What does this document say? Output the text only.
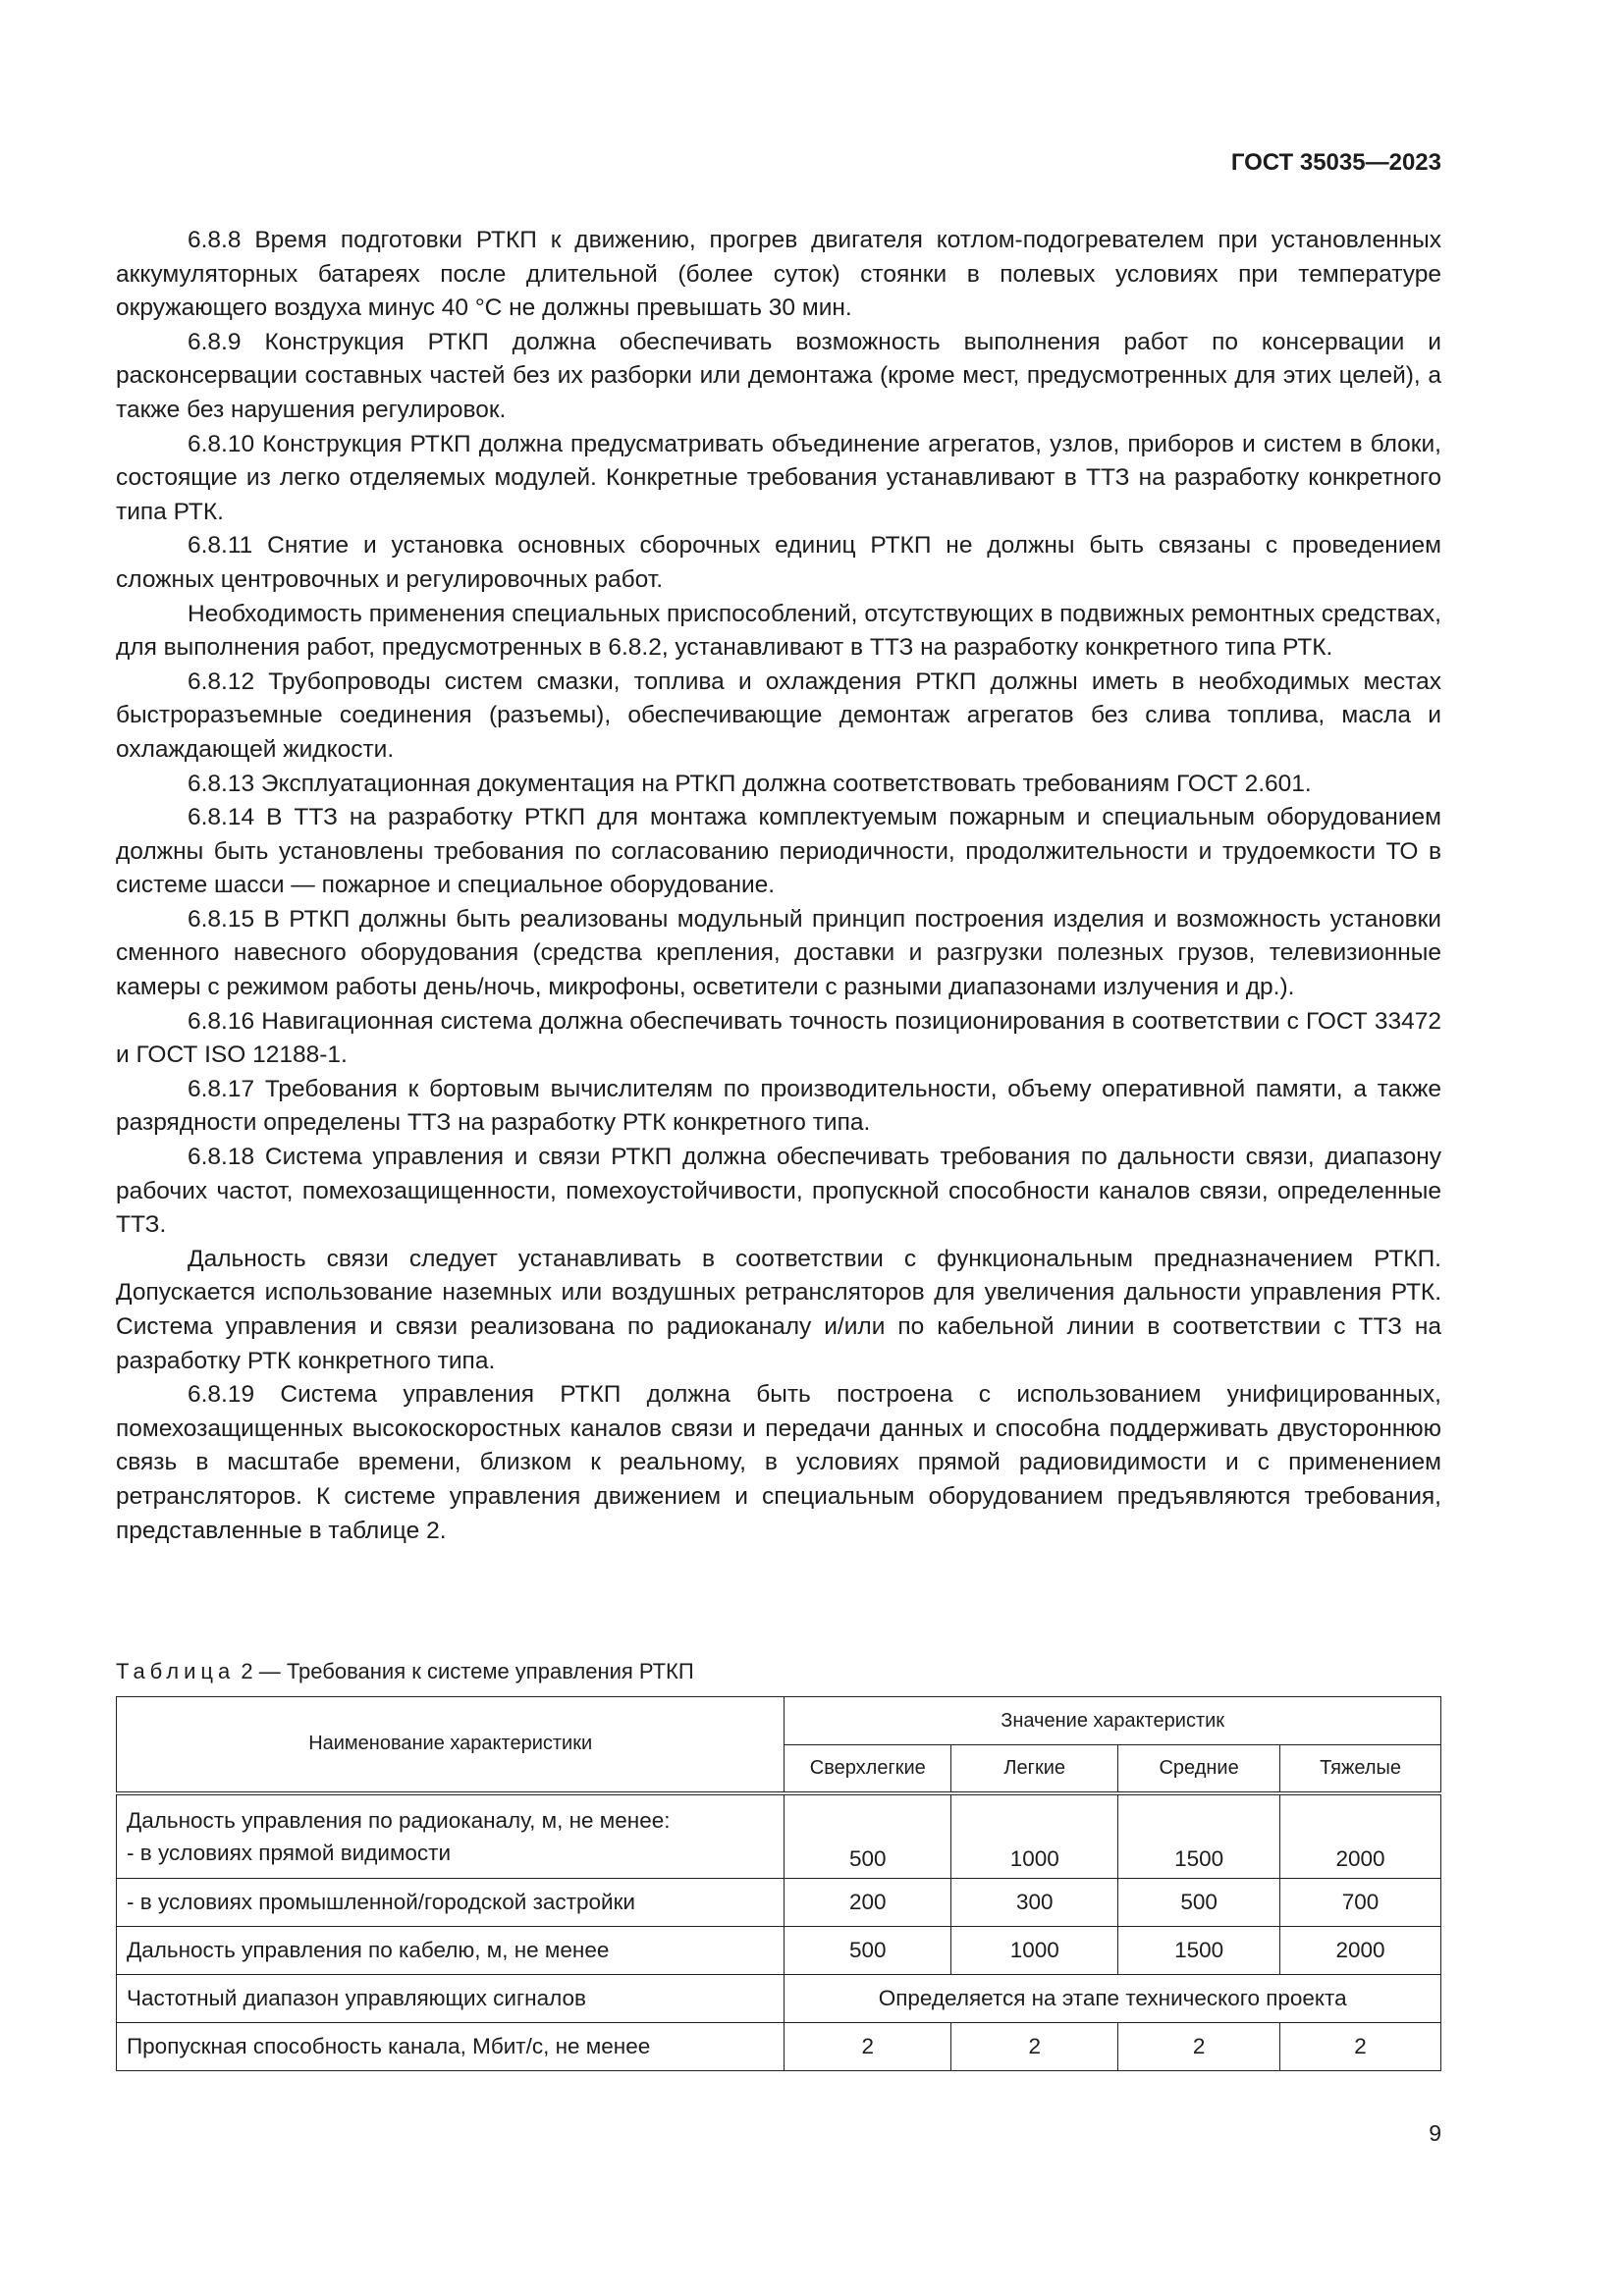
ГОСТ 35035—2023

6.8.8 Время подготовки РТКП к движению, прогрев двигателя котлом-подогревателем при установленных аккумуляторных батареях после длительной (более суток) стоянки в полевых условиях при температуре окружающего воздуха минус 40 °С не должны превышать 30 мин.

6.8.9 Конструкция РТКП должна обеспечивать возможность выполнения работ по консервации и расконсервации составных частей без их разборки или демонтажа (кроме мест, предусмотренных для этих целей), а также без нарушения регулировок.

6.8.10 Конструкция РТКП должна предусматривать объединение агрегатов, узлов, приборов и систем в блоки, состоящие из легко отделяемых модулей. Конкретные требования устанавливают в ТТЗ на разработку конкретного типа РТК.

6.8.11 Снятие и установка основных сборочных единиц РТКП не должны быть связаны с проведением сложных центровочных и регулировочных работ.

Необходимость применения специальных приспособлений, отсутствующих в подвижных ремонтных средствах, для выполнения работ, предусмотренных в 6.8.2, устанавливают в ТТЗ на разработку конкретного типа РТК.

6.8.12 Трубопроводы систем смазки, топлива и охлаждения РТКП должны иметь в необходимых местах быстроразъемные соединения (разъемы), обеспечивающие демонтаж агрегатов без слива топлива, масла и охлаждающей жидкости.

6.8.13 Эксплуатационная документация на РТКП должна соответствовать требованиям ГОСТ 2.601.

6.8.14 В ТТЗ на разработку РТКП для монтажа комплектуемым пожарным и специальным оборудованием должны быть установлены требования по согласованию периодичности, продолжительности и трудоемкости ТО в системе шасси — пожарное и специальное оборудование.

6.8.15 В РТКП должны быть реализованы модульный принцип построения изделия и возможность установки сменного навесного оборудования (средства крепления, доставки и разгрузки полезных грузов, телевизионные камеры с режимом работы день/ночь, микрофоны, осветители с разными диапазонами излучения и др.).

6.8.16 Навигационная система должна обеспечивать точность позиционирования в соответствии с ГОСТ 33472 и ГОСТ ISO 12188-1.

6.8.17 Требования к бортовым вычислителям по производительности, объему оперативной памяти, а также разрядности определены ТТЗ на разработку РТК конкретного типа.

6.8.18 Система управления и связи РТКП должна обеспечивать требования по дальности связи, диапазону рабочих частот, помехозащищенности, помехоустойчивости, пропускной способности каналов связи, определенные ТТЗ.

Дальность связи следует устанавливать в соответствии с функциональным предназначением РТКП. Допускается использование наземных или воздушных ретрансляторов для увеличения дальности управления РТК. Система управления и связи реализована по радиоканалу и/или по кабельной линии в соответствии с ТТЗ на разработку РТК конкретного типа.

6.8.19 Система управления РТКП должна быть построена с использованием унифицированных, помехозащищенных высокоскоростных каналов связи и передачи данных и способна поддерживать двустороннюю связь в масштабе времени, близком к реальному, в условиях прямой радиовидимости и с применением ретрансляторов. К системе управления движением и специальным оборудованием предъявляются требования, представленные в таблице 2.

Таблица 2 — Требования к системе управления РТКП
Наименование характеристики	Значение характеристик			
	Сверхлегкие	Легкие	Средние	Тяжелые

Дальность управления по радиоканалу, м, не менее:
- в условиях прямой видимости	500	1000	1500	2000
- в условиях промышленной/городской застройки	200	300	500	700
Дальность управления по кабелю, м, не менее	500	1000	1500	2000
Частотный диапазон управляющих сигналов	Определяется на этапе технического проекта			
Пропускная способность канала, Мбит/с, не менее	2	2	2	2
9
